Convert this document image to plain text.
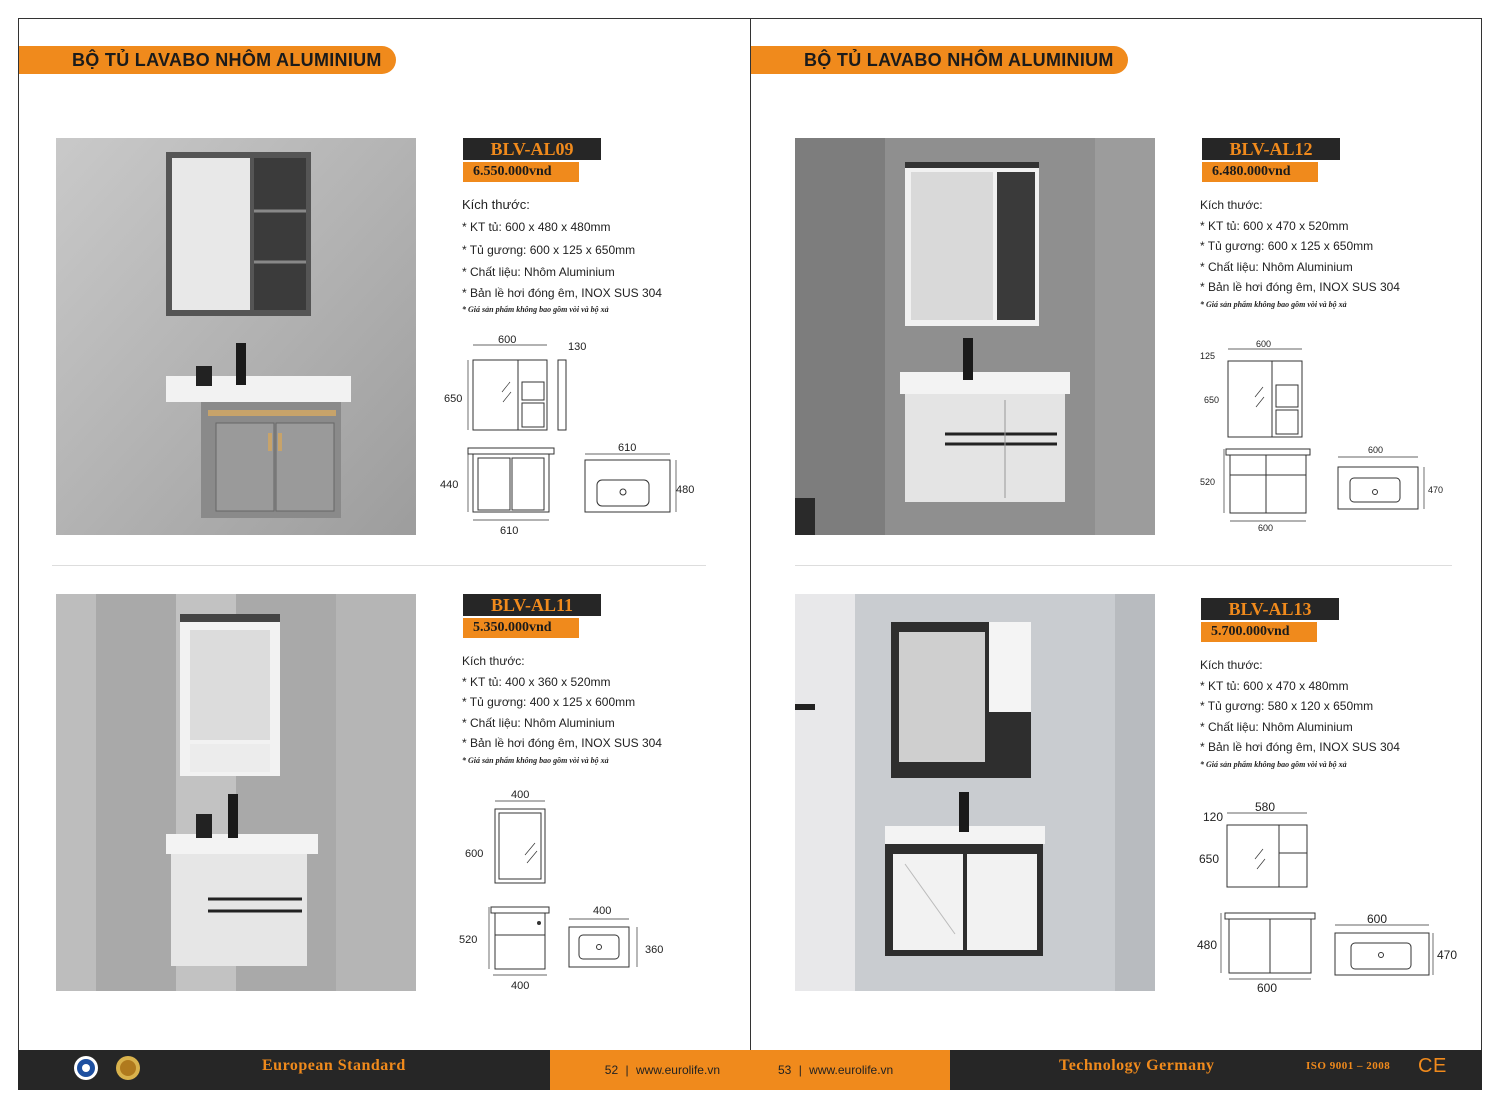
BỘ TỦ LAVABO NHÔM ALUMINIUM	BỘ TỦ LAVABO NHÔM ALUMINIUM
BLV-AL09
6.550.000vnd
Kích thước:
* KT tủ: 600 x 480 x 480mm
* Tủ gương: 600 x 125 x 650mm
* Chất liệu: Nhôm Aluminium
* Bản lề hơi đóng êm, INOX SUS 304
* Giá sản phẩm không bao gồm vòi và bộ xả
600
130
650
440
610
610
480
BLV-AL11
5.350.000vnd
Kích thước:
* KT tủ: 400 x 360 x 520mm
* Tủ gương: 400 x 125 x 600mm
* Chất liệu: Nhôm Aluminium
* Bản lề hơi đóng êm, INOX SUS 304
* Giá sản phẩm không bao gồm vòi và bộ xả
400
600
520
400
400
360
BLV-AL12
6.480.000vnd
Kích thước:
* KT tủ: 600 x 470 x 520mm
* Tủ gương: 600 x 125 x 650mm
* Chất liệu: Nhôm Aluminium
* Bản lề hơi đóng êm, INOX SUS 304
* Giá sản phẩm không bao gồm vòi và bộ xả
600
125
650
520
600
600
470
BLV-AL13
5.700.000vnd
Kích thước:
* KT tủ: 600 x 470 x 480mm
* Tủ gương: 580 x 120 x 650mm
* Chất liệu: Nhôm Aluminium
* Bản lề hơi đóng êm, INOX SUS 304
* Giá sản phẩm không bao gồm vòi và bộ xả
580
120
650
480
600
600
470
European Standard	52 | www.eurolife.vn	53 | www.eurolife.vn	Technology Germany	ISO 9001 – 2008 CE
